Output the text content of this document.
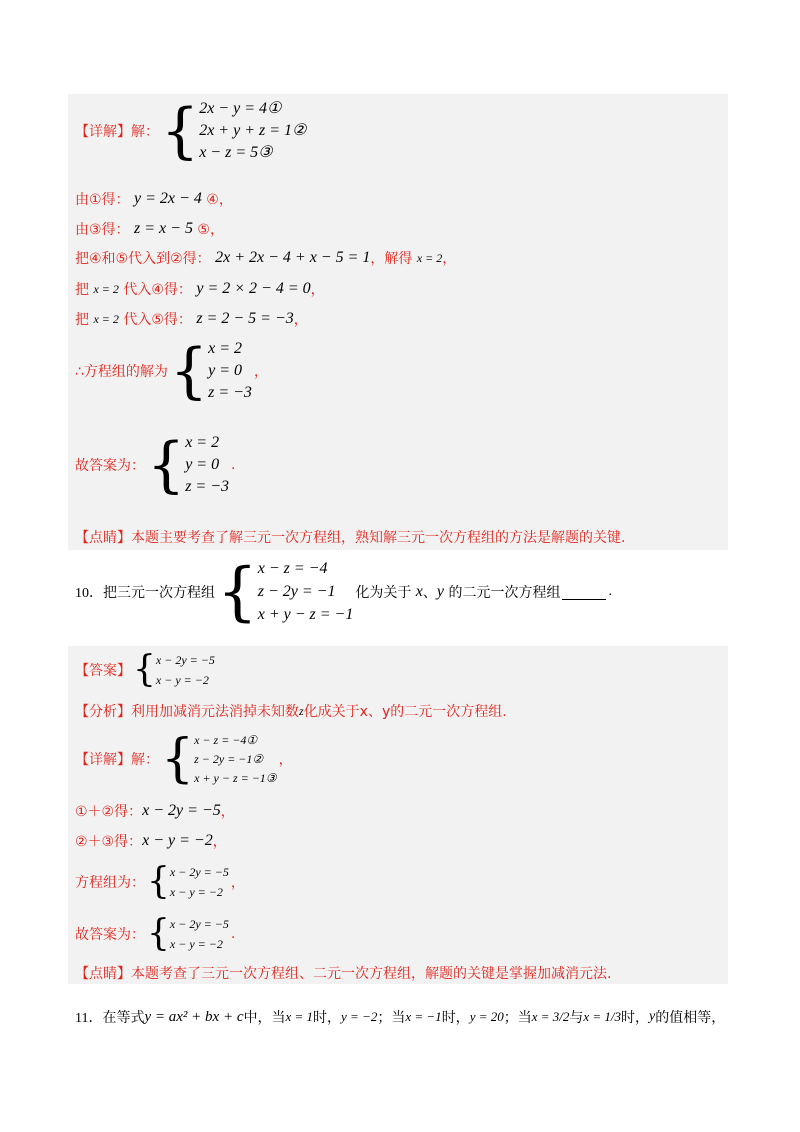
【详解】解： { 2x − y = 4①
2x + y + z = 1②
x − z = 5③
由①得：
y = 2x − 4
④，
由③得：
z = x − 5
⑤，
把④和⑤代入到②得：
2x + 2x − 4 + x − 5 = 1 ，解得
x = 2 ，
把
x = 2
代入④得：
y = 2 × 2 − 4 = 0 ，
把
x = 2
代入⑤得：
z = 2 − 5 = −3 ，
∴方程组的解为 { x = 2
y = 0
z = −3
，
故答案为： { x = 2
y = 0
z = −3
.
【点睛】本题主要考查了解三元一次方程组，熟知解三元一次方程组的方法是解题的关键.
10．把三元一次方程组 { x − z = −4
z − 2y = −1
x + y − z = −1
化为关于
x 、 y
的二元一次方程组	.
【答案】 { x − 2y = −5
x − y = −2
【分析】利用加减消元法消掉未知数 z 化成关于x、y的二元一次方程组.
【详解】解： { x − z = −4①
z − 2y = −1②
x + y − z = −1③
，
①＋②得： x − 2y = −5 ，
②＋③得： x − y = −2 ，
方程组为： { x − 2y = −5
x − y = −2
，
故答案为： { x − 2y = −5
x − y = −2
.
【点睛】本题考查了三元一次方程组、二元一次方程组，解题的关键是掌握加减消元法.
11．在等式 y = ax² + bx + c 中，当 x = 1 时， y = −2 ；当 x = −1 时， y = 20 ；当 x = 3/2 与 x = 1/3 时， y 的值相等，
